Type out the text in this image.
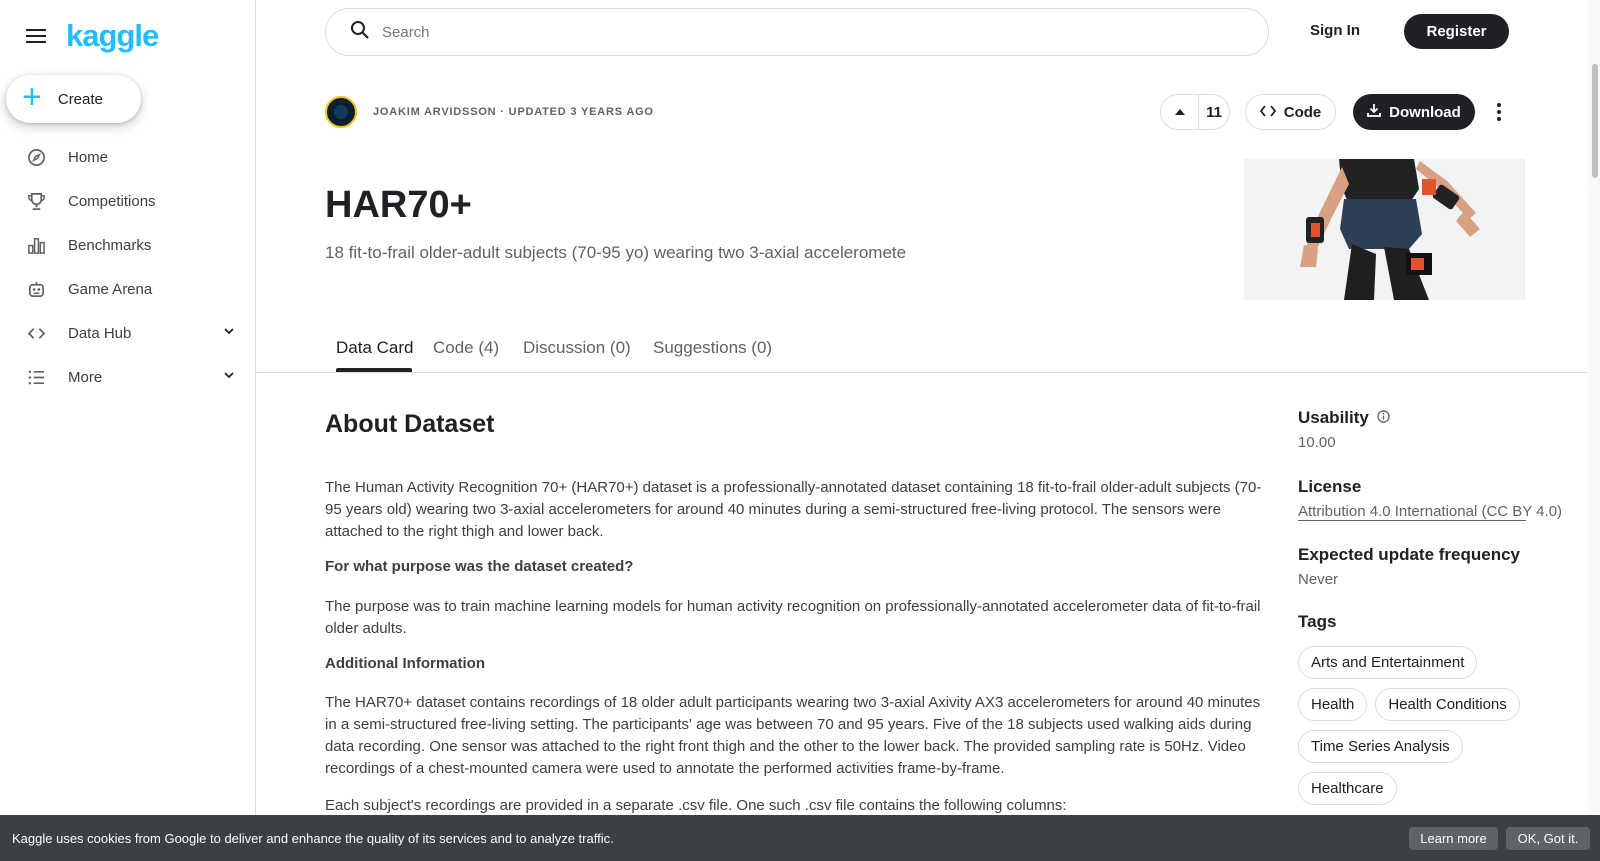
kaggle
+ Create
Home
Competitions
Benchmarks
Game Arena
Data Hub
More
Search
Sign In	Register
JOAKIM ARVIDSSON · UPDATED 3 YEARS AGO	11	Code	Download
HAR70+
18 fit-to-frail older-adult subjects (70-95 yo) wearing two 3-axial acceleromete
Data Card Code (4) Discussion (0) Suggestions (0)
About Dataset

The Human Activity Recognition 70+ (HAR70+) dataset is a professionally-annotated dataset containing 18 fit-to-frail older-adult subjects (70-95 years old) wearing two 3-axial accelerometers for around 40 minutes during a semi-structured free-living protocol. The sensors were attached to the right thigh and lower back.

For what purpose was the dataset created?

The purpose was to train machine learning models for human activity recognition on professionally-annotated accelerometer data of fit-to-frail older adults.

Additional Information

The HAR70+ dataset contains recordings of 18 older adult participants wearing two 3-axial Axivity AX3 accelerometers for around 40 minutes in a semi-structured free-living setting. The participants' age was between 70 and 95 years. Five of the 18 subjects used walking aids during data recording. One sensor was attached to the right front thigh and the other to the lower back. The provided sampling rate is 50Hz. Video recordings of a chest-mounted camera were used to annotate the performed activities frame-by-frame.

Each subject's recordings are provided in a separate .csv file. One such .csv file contains the following columns:

Usability
10.00
License
Attribution 4.0 International (CC BY 4.0)
Expected update frequency
Never
Tags
Arts and Entertainment
Health	Health Conditions
Time Series Analysis
Healthcare
Kaggle uses cookies from Google to deliver and enhance the quality of its services and to analyze traffic.	Learn more	OK, Got it.
